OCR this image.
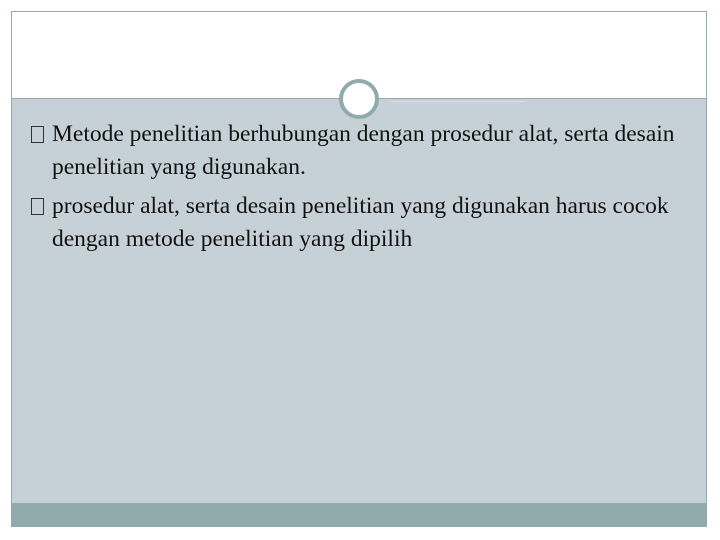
Metode penelitian berhubungan dengan prosedur alat, serta desain penelitian yang digunakan.
prosedur alat, serta desain penelitian yang digunakan harus cocok dengan metode penelitian yang dipilih
